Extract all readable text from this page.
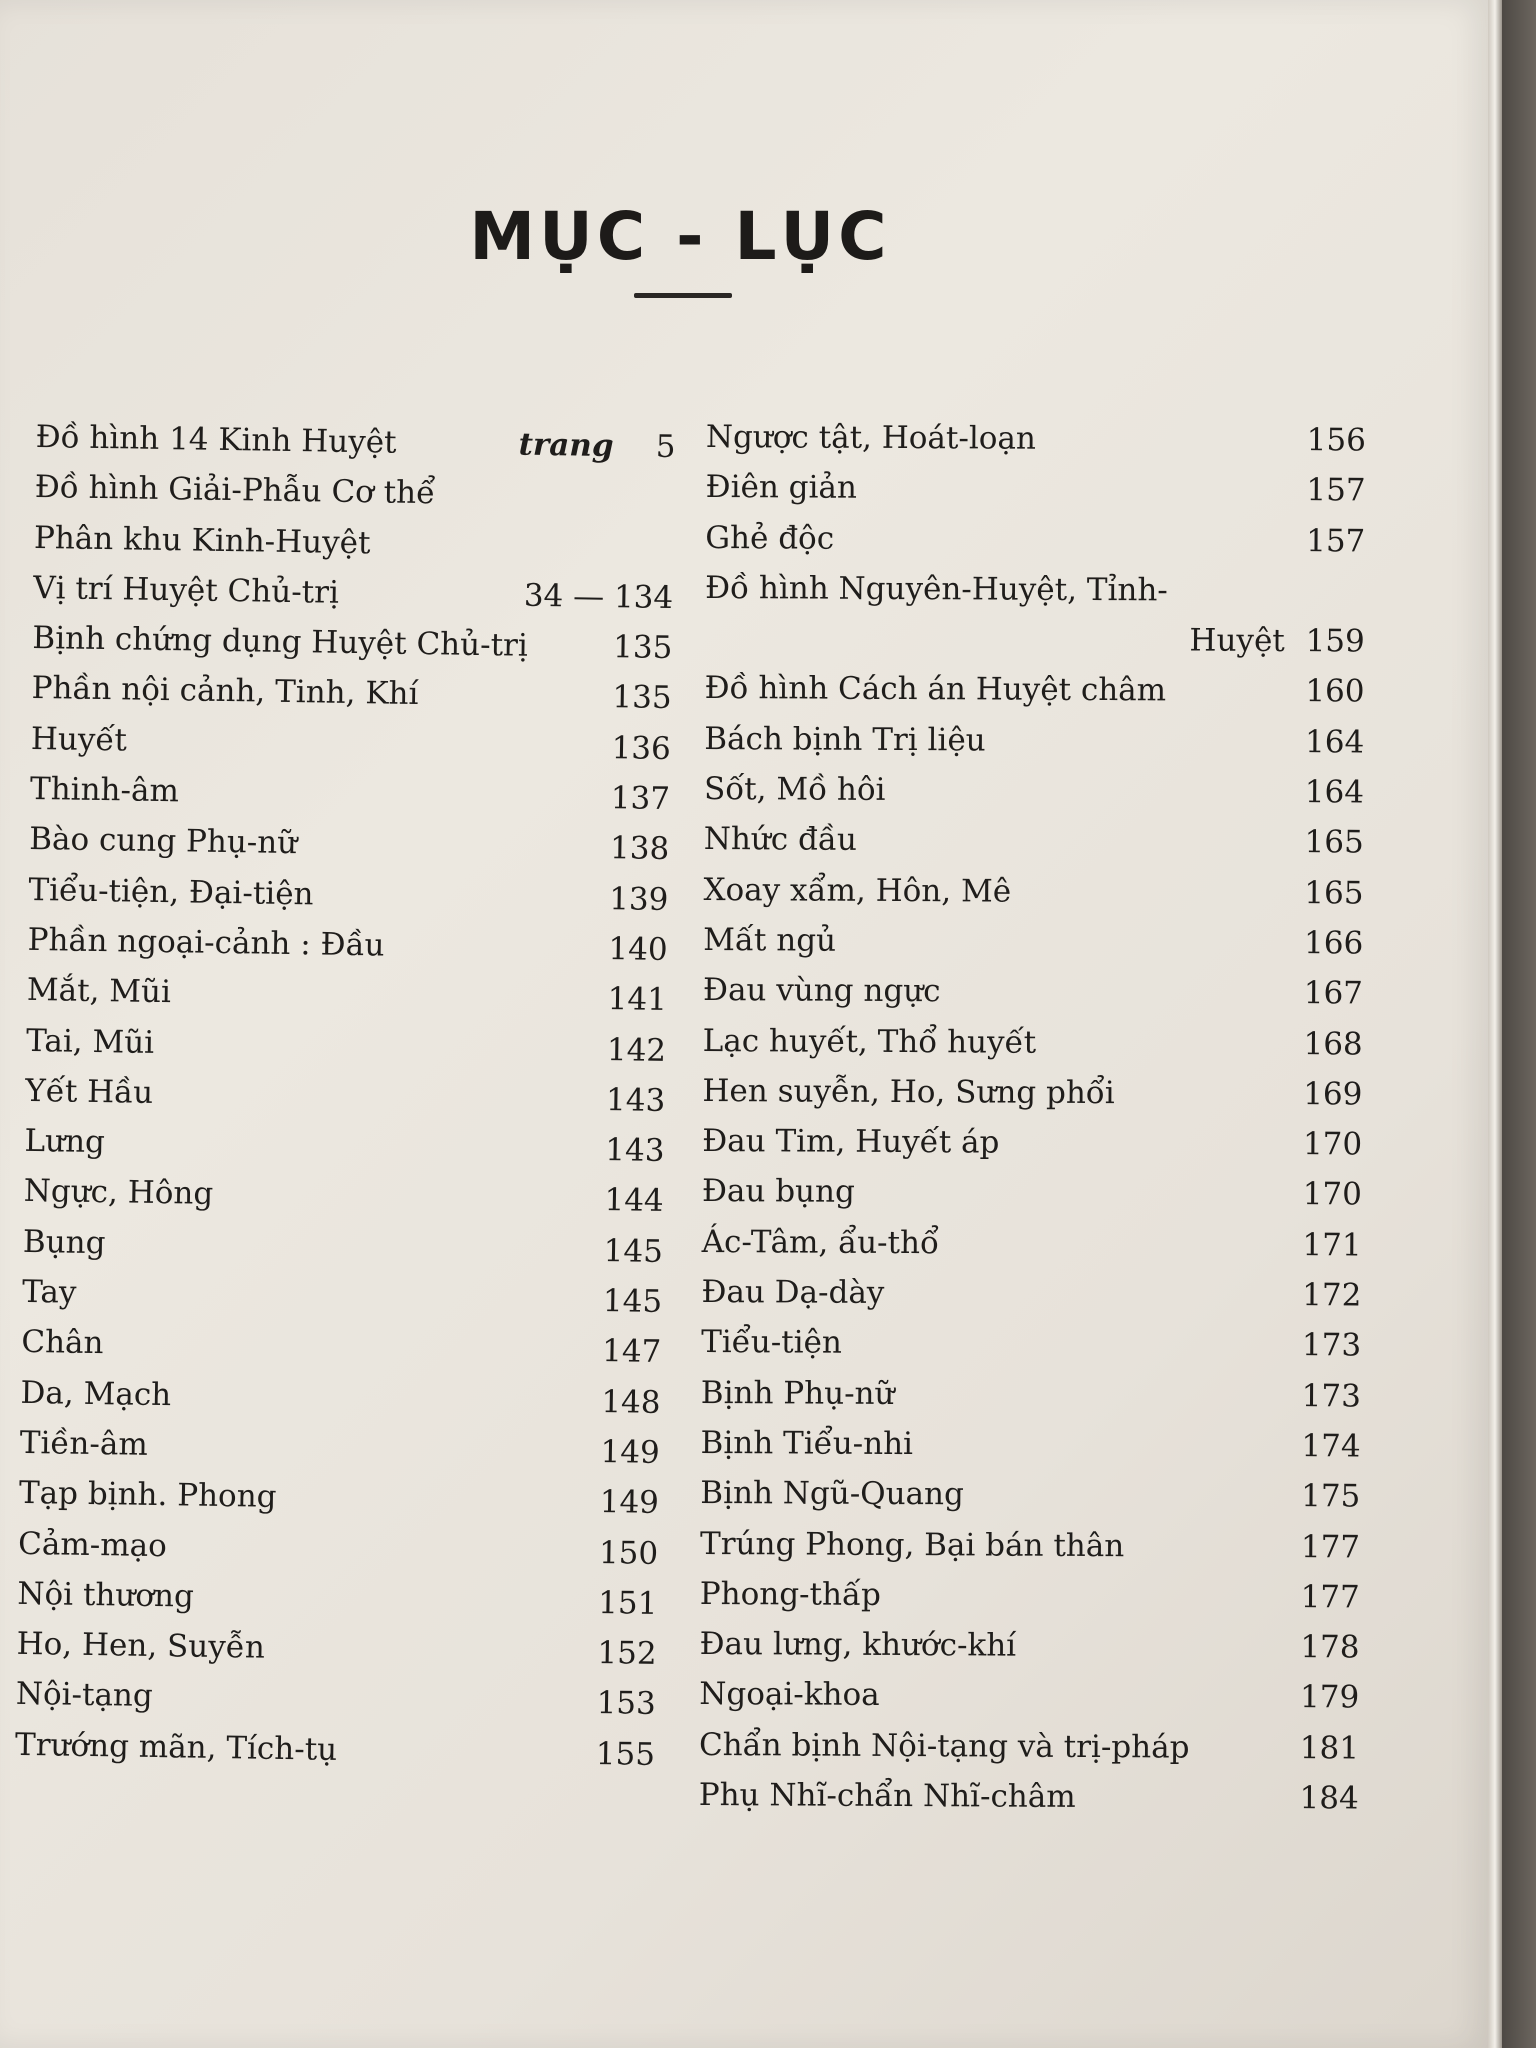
MỤC - LỤC
Đồ hình 14 Kinh Huyệt	trang 5
Đồ hình Giải-Phẫu Cơ thể
Phân khu Kinh-Huyệt
Vị trí Huyệt Chủ-trị	34 — 134
Bịnh chứng dụng Huyệt Chủ-trị	135
Phần nội cảnh, Tinh, Khí	135
Huyết	136
Thinh-âm	137
Bào cung Phụ-nữ	138
Tiểu-tiện, Đại-tiện	139
Phần ngoại-cảnh : Đầu	140
Mắt, Mũi	141
Tai, Mũi	142
Yết Hầu	143
Lưng	143
Ngực, Hông	144
Bụng	145
Tay	145
Chân	147
Da, Mạch	148
Tiền-âm	149
Tạp bịnh. Phong	149
Cảm-mạo	150
Nội thương	151
Ho, Hen, Suyễn	152
Nội-tạng	153
Trướng mãn, Tích-tụ	155
Ngược tật, Hoát-loạn	156
Điên giản	157
Ghẻ độc	157
Đồ hình Nguyên-Huyệt, Tỉnh-
Huyệt 159
Đồ hình Cách án Huyệt châm	160
Bách bịnh Trị liệu	164
Sốt, Mồ hôi	164
Nhức đầu	165
Xoay xẩm, Hôn, Mê	165
Mất ngủ	166
Đau vùng ngực	167
Lạc huyết, Thổ huyết	168
Hen suyễn, Ho, Sưng phổi	169
Đau Tim, Huyết áp	170
Đau bụng	170
Ác-Tâm, ẩu-thổ	171
Đau Dạ-dày	172
Tiểu-tiện	173
Bịnh Phụ-nữ	173
Bịnh Tiểu-nhi	174
Bịnh Ngũ-Quang	175
Trúng Phong, Bại bán thân	177
Phong-thấp	177
Đau lưng, khước-khí	178
Ngoại-khoa	179
Chẩn bịnh Nội-tạng và trị-pháp	181
Phụ Nhĩ-chẩn Nhĩ-châm	184
